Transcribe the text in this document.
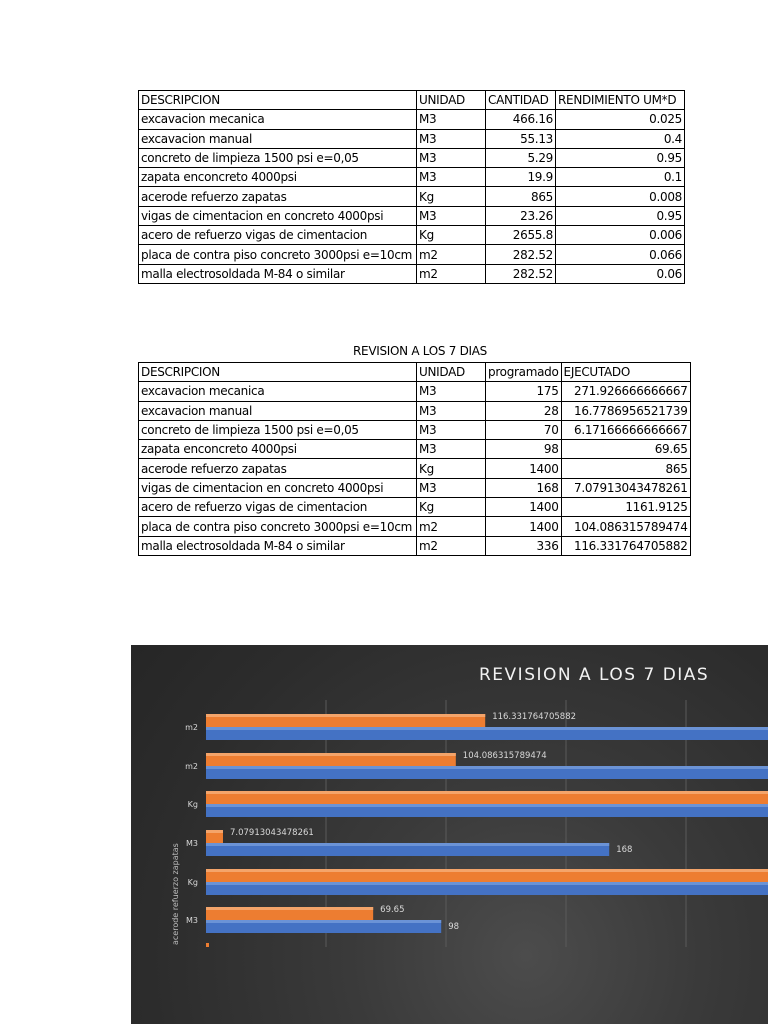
DESCRIPCION	UNIDAD	CANTIDAD	RENDIMIENTO UM*D
excavacion mecanica	M3	466.16	0.025
excavacion manual	M3	55.13	0.4
concreto de limpieza 1500 psi e=0,05	M3	5.29	0.95
zapata enconcreto 4000psi	M3	19.9	0.1
acerode refuerzo zapatas	Kg	865	0.008
vigas de cimentacion en concreto 4000psi	M3	23.26	0.95
acero de refuerzo vigas de cimentacion	Kg	2655.8	0.006
placa de contra piso concreto 3000psi e=10cm	m2	282.52	0.066
malla electrosoldada M-84 o similar	m2	282.52	0.06
REVISION A LOS 7 DIAS
DESCRIPCION	UNIDAD	programado	EJECUTADO
excavacion mecanica	M3	175	271.926666666667
excavacion manual	M3	28	16.7786956521739
concreto de limpieza 1500 psi e=0,05	M3	70	6.17166666666667
zapata enconcreto 4000psi	M3	98	69.65
acerode refuerzo zapatas	Kg	1400	865
vigas de cimentacion en concreto 4000psi	M3	168	7.07913043478261
acero de refuerzo vigas de cimentacion	Kg	1400	1161.9125
placa de contra piso concreto 3000psi e=10cm	m2	1400	104.086315789474
malla electrosoldada M-84 o similar	m2	336	116.331764705882
REVISION A LOS 7 DIAS
acerode refuerzo zapatas
m2
116.331764705882
m2
104.086315789474
Kg
M3
7.07913043478261
168
Kg
M3
69.65
98
